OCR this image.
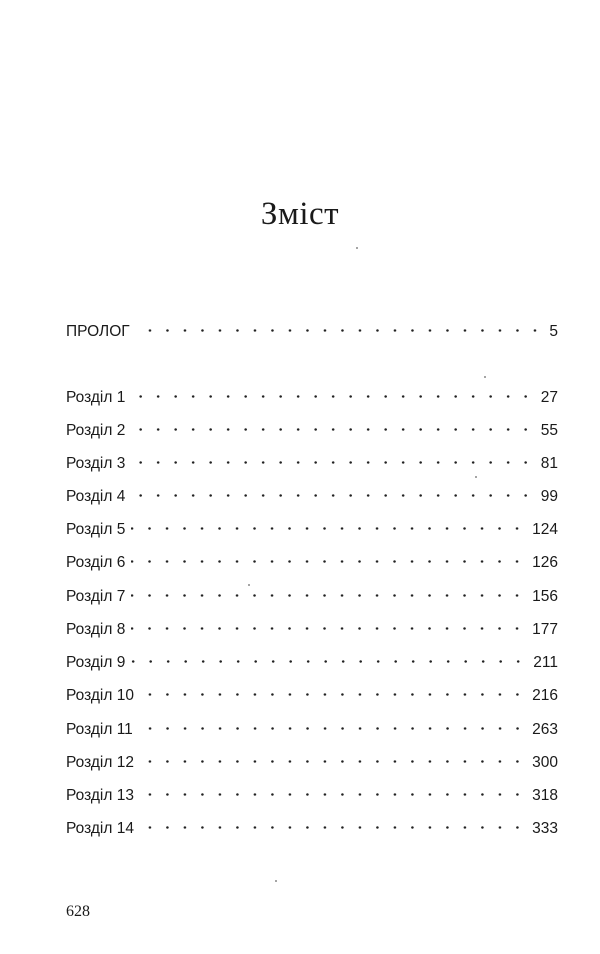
Зміст
ПРОЛОГ	5
Розділ 1	27
Розділ 2	55
Розділ 3	81
Розділ 4	99
Розділ 5	124
Розділ 6	126
Розділ 7	156
Розділ 8	177
Розділ 9	211
Розділ 10	216
Розділ 11	263
Розділ 12	300
Розділ 13	318
Розділ 14	333
628
